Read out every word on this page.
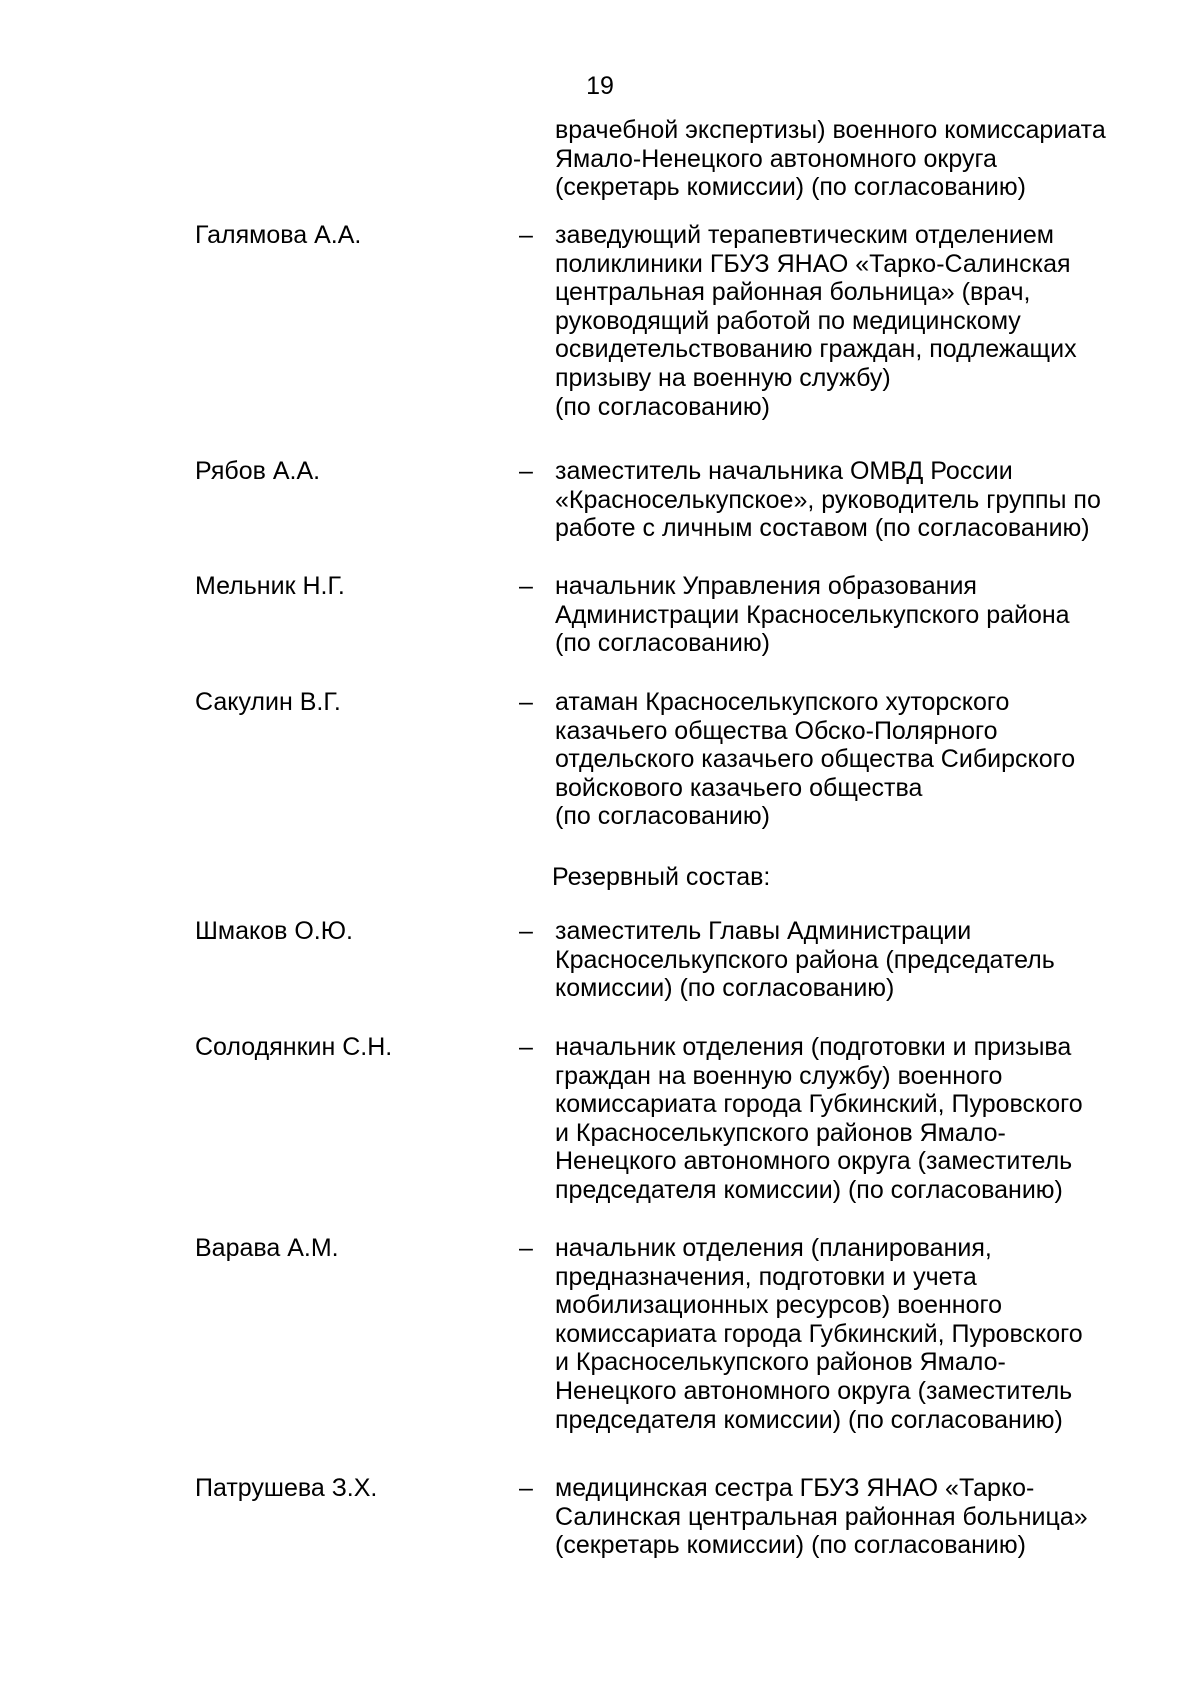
19
врачебной экспертизы) военного комиссариата
Ямало-Ненецкого автономного округа
(секретарь комиссии) (по согласованию)
Галямова А.А.	– заведующий терапевтическим отделением
поликлиники ГБУЗ ЯНАО «Тарко-Салинская
центральная районная больница» (врач,
руководящий работой по медицинскому
освидетельствованию граждан, подлежащих
призыву на военную службу)
(по согласованию)
Рябов А.А.	– заместитель начальника ОМВД России
«Красноселькупское», руководитель группы по
работе с личным составом (по согласованию)
Мельник Н.Г.	– начальник Управления образования
Администрации Красноселькупского района
(по согласованию)
Сакулин В.Г.	– атаман Красноселькупского хуторского
казачьего общества Обско-Полярного
отдельского казачьего общества Сибирского
войскового казачьего общества
(по согласованию)
Резервный состав:
Шмаков О.Ю.	– заместитель Главы Администрации
Красноселькупского района (председатель
комиссии) (по согласованию)
Солодянкин С.Н.	– начальник отделения (подготовки и призыва
граждан на военную службу) военного
комиссариата города Губкинский, Пуровского
и Красноселькупского районов Ямало-
Ненецкого автономного округа (заместитель
председателя комиссии) (по согласованию)
Варава А.М.	– начальник отделения (планирования,
предназначения, подготовки и учета
мобилизационных ресурсов) военного
комиссариата города Губкинский, Пуровского
и Красноселькупского районов Ямало-
Ненецкого автономного округа (заместитель
председателя комиссии) (по согласованию)
Патрушева З.Х.	– медицинская сестра ГБУЗ ЯНАО «Тарко-
Салинская центральная районная больница»
(секретарь комиссии) (по согласованию)
